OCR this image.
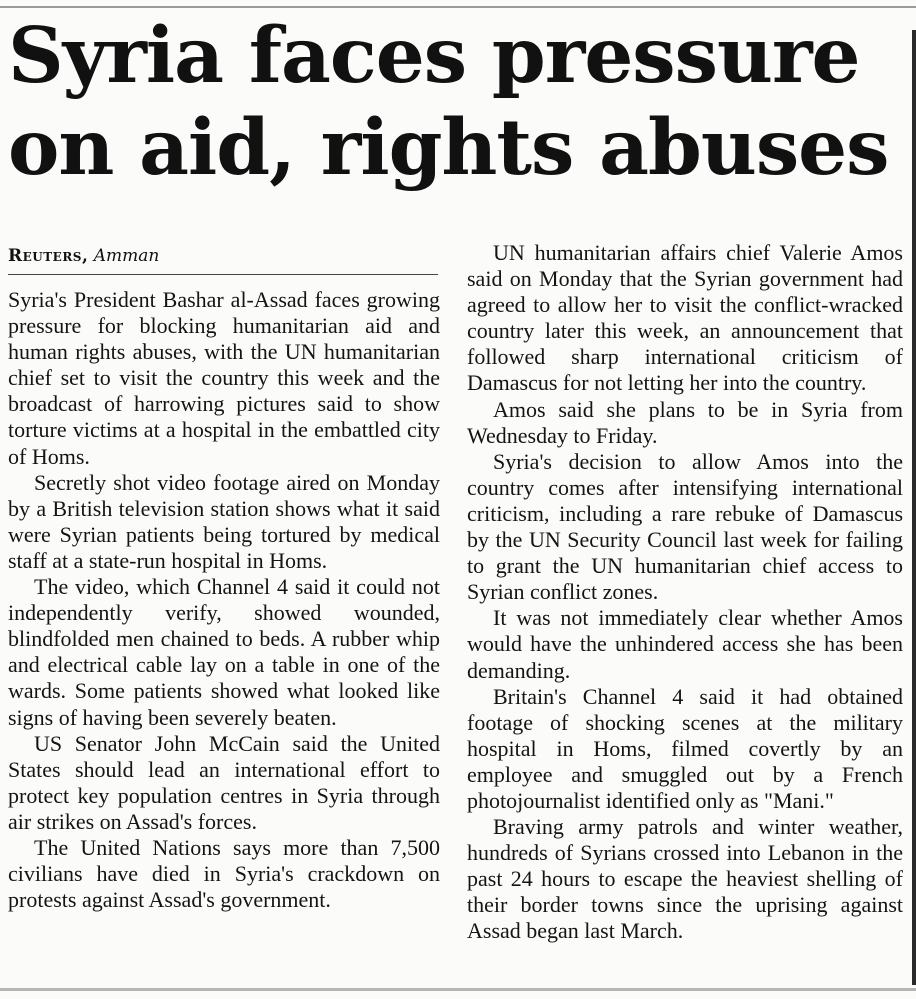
Syria faces pressure
on aid, rights abuses
Reuters, Amman

Syria's President Bashar al-Assad faces growing pressure for blocking humanitarian aid and human rights abuses, with the UN humanitarian chief set to visit the country this week and the broadcast of harrowing pictures said to show torture victims at a hospital in the embattled city of Homs.

Secretly shot video footage aired on Monday by a British television station shows what it said were Syrian patients being tortured by medical staff at a state-run hospital in Homs.

The video, which Channel 4 said it could not independently verify, showed wounded, blindfolded men chained to beds. A rubber whip and electrical cable lay on a table in one of the wards. Some patients showed what looked like signs of having been severely beaten.

US Senator John McCain said the United States should lead an international effort to protect key population centres in Syria through air strikes on Assad's forces.

The United Nations says more than 7,500 civilians have died in Syria's crackdown on protests against Assad's government.

UN humanitarian affairs chief Valerie Amos said on Monday that the Syrian government had agreed to allow her to visit the conflict-wracked country later this week, an announcement that followed sharp international criticism of Damascus for not letting her into the country.

Amos said she plans to be in Syria from Wednesday to Friday.

Syria's decision to allow Amos into the country comes after intensifying international criticism, including a rare rebuke of Damascus by the UN Security Council last week for failing to grant the UN humanitarian chief access to Syrian conflict zones.

It was not immediately clear whether Amos would have the unhindered access she has been demanding.

Britain's Channel 4 said it had obtained footage of shocking scenes at the military hospital in Homs, filmed covertly by an employee and smuggled out by a French photojournalist identified only as "Mani."

Braving army patrols and winter weather, hundreds of Syrians crossed into Lebanon in the past 24 hours to escape the heaviest shelling of their border towns since the uprising against Assad began last March.
